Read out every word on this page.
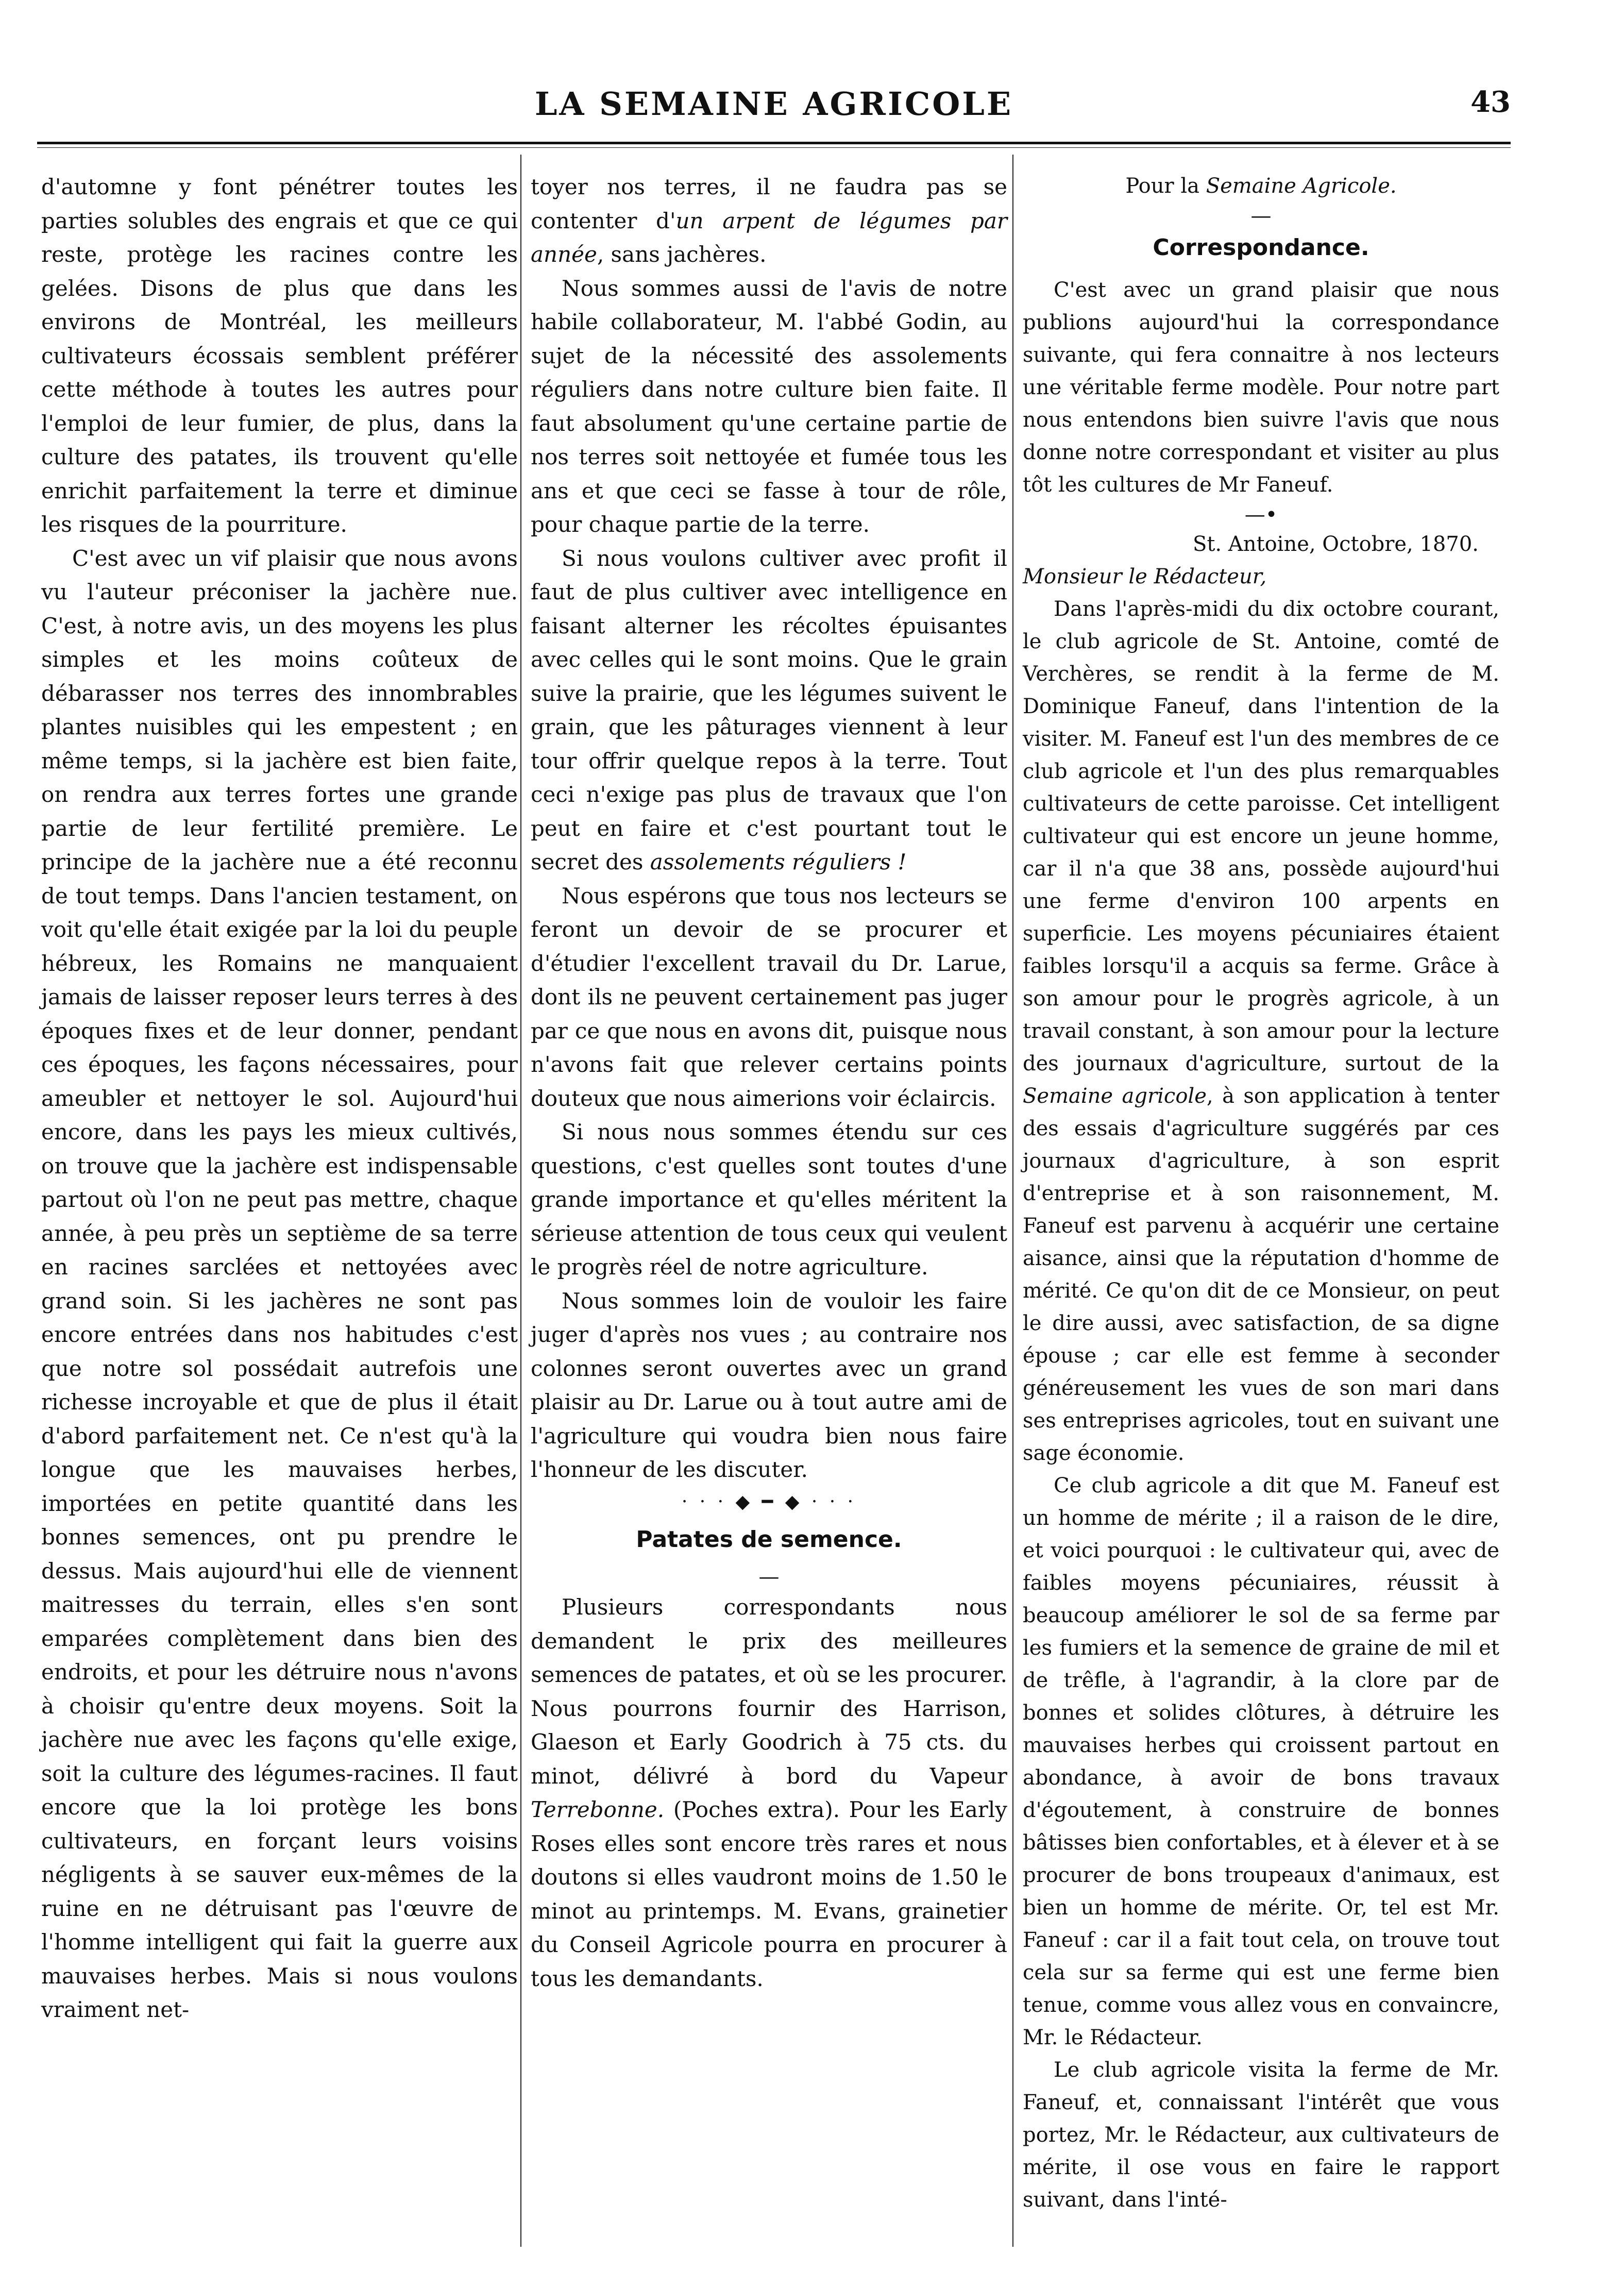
LA SEMAINE AGRICOLE	43

d'automne y font pénétrer toutes les parties solubles des engrais et que ce qui reste, protège les racines contre les gelées. Disons de plus que dans les environs de Montréal, les meilleurs cultivateurs écossais semblent préférer cette méthode à toutes les autres pour l'emploi de leur fumier, de plus, dans la culture des patates, ils trouvent qu'elle enrichit parfaitement la terre et diminue les risques de la pourriture.

C'est avec un vif plaisir que nous avons vu l'auteur préconiser la jachère nue. C'est, à notre avis, un des moyens les plus simples et les moins coûteux de débarasser nos terres des innombrables plantes nuisibles qui les empestent ; en même temps, si la jachère est bien faite, on rendra aux terres fortes une grande partie de leur fertilité première. Le principe de la jachère nue a été reconnu de tout temps. Dans l'ancien testament, on voit qu'elle était exigée par la loi du peuple hébreux, les Romains ne manquaient jamais de laisser reposer leurs terres à des époques fixes et de leur donner, pendant ces époques, les façons nécessaires, pour ameubler et nettoyer le sol. Aujourd'hui encore, dans les pays les mieux cultivés, on trouve que la jachère est indispensable partout où l'on ne peut pas mettre, chaque année, à peu près un septième de sa terre en racines sarclées et nettoyées avec grand soin. Si les jachères ne sont pas encore entrées dans nos habitudes c'est que notre sol possédait autrefois une richesse incroyable et que de plus il était d'abord parfaitement net. Ce n'est qu'à la longue que les mauvaises herbes, importées en petite quantité dans les bonnes semences, ont pu prendre le dessus. Mais aujourd'hui elle de viennent maitresses du terrain, elles s'en sont emparées complètement dans bien des endroits, et pour les détruire nous n'avons à choisir qu'entre deux moyens. Soit la jachère nue avec les façons qu'elle exige, soit la culture des légumes-racines. Il faut encore que la loi protège les bons cultivateurs, en forçant leurs voisins négligents à se sauver eux-mêmes de la ruine en ne détruisant pas l'œuvre de l'homme intelligent qui fait la guerre aux mauvaises herbes. Mais si nous voulons vraiment net-

toyer nos terres, il ne faudra pas se contenter d'un arpent de légumes par année, sans jachères.

Nous sommes aussi de l'avis de notre habile collaborateur, M. l'abbé Godin, au sujet de la nécessité des assolements réguliers dans notre culture bien faite. Il faut absolument qu'une certaine partie de nos terres soit nettoyée et fumée tous les ans et que ceci se fasse à tour de rôle, pour chaque partie de la terre.

Si nous voulons cultiver avec profit il faut de plus cultiver avec intelligence en faisant alterner les récoltes épuisantes avec celles qui le sont moins. Que le grain suive la prairie, que les légumes suivent le grain, que les pâturages viennent à leur tour offrir quelque repos à la terre. Tout ceci n'exige pas plus de travaux que l'on peut en faire et c'est pourtant tout le secret des assolements réguliers !

Nous espérons que tous nos lecteurs se feront un devoir de se procurer et d'étudier l'excellent travail du Dr. Larue, dont ils ne peuvent certainement pas juger par ce que nous en avons dit, puisque nous n'avons fait que relever certains points douteux que nous aimerions voir éclaircis.

Si nous nous sommes étendu sur ces questions, c'est quelles sont toutes d'une grande importance et qu'elles méritent la sérieuse attention de tous ceux qui veulent le progrès réel de notre agriculture.

Nous sommes loin de vouloir les faire juger d'après nos vues ; au contraire nos colonnes seront ouvertes avec un grand plaisir au Dr. Larue ou à tout autre ami de l'agriculture qui voudra bien nous faire l'honneur de les discuter.

· · · ◆ ━ ◆ · · ·
Patates de semence.
—

Plusieurs correspondants nous demandent le prix des meilleures semences de patates, et où se les procurer. Nous pourrons fournir des Harrison, Glaeson et Early Goodrich à 75 cts. du minot, délivré à bord du Vapeur Terrebonne. (Poches extra). Pour les Early Roses elles sont encore très rares et nous doutons si elles vaudront moins de 1.50 le minot au printemps. M. Evans, grainetier du Conseil Agricole pourra en procurer à tous les demandants.

Pour la Semaine Agricole.

—
Correspondance.

C'est avec un grand plaisir que nous publions aujourd'hui la correspondance suivante, qui fera connaitre à nos lecteurs une véritable ferme modèle. Pour notre part nous entendons bien suivre l'avis que nous donne notre correspondant et visiter au plus tôt les cultures de Mr Faneuf.

—•

St. Antoine, Octobre, 1870.

Monsieur le Rédacteur,

Dans l'après-midi du dix octobre courant, le club agricole de St. Antoine, comté de Verchères, se rendit à la ferme de M. Dominique Faneuf, dans l'intention de la visiter. M. Faneuf est l'un des membres de ce club agricole et l'un des plus remarquables cultivateurs de cette paroisse. Cet intelligent cultivateur qui est encore un jeune homme, car il n'a que 38 ans, possède aujourd'hui une ferme d'environ 100 arpents en superficie. Les moyens pécuniaires étaient faibles lorsqu'il a acquis sa ferme. Grâce à son amour pour le progrès agricole, à un travail constant, à son amour pour la lecture des journaux d'agriculture, surtout de la Semaine agricole, à son application à tenter des essais d'agriculture suggérés par ces journaux d'agriculture, à son esprit d'entreprise et à son raisonnement, M. Faneuf est parvenu à acquérir une certaine aisance, ainsi que la réputation d'homme de mérité. Ce qu'on dit de ce Monsieur, on peut le dire aussi, avec satisfaction, de sa digne épouse ; car elle est femme à seconder généreusement les vues de son mari dans ses entreprises agricoles, tout en suivant une sage économie.

Ce club agricole a dit que M. Faneuf est un homme de mérite ; il a raison de le dire, et voici pourquoi : le cultivateur qui, avec de faibles moyens pécuniaires, réussit à beaucoup améliorer le sol de sa ferme par les fumiers et la semence de graine de mil et de trêfle, à l'agrandir, à la clore par de bonnes et solides clôtures, à détruire les mauvaises herbes qui croissent partout en abondance, à avoir de bons travaux d'égoutement, à construire de bonnes bâtisses bien confortables, et à élever et à se procurer de bons troupeaux d'animaux, est bien un homme de mérite. Or, tel est Mr. Faneuf : car il a fait tout cela, on trouve tout cela sur sa ferme qui est une ferme bien tenue, comme vous allez vous en convaincre, Mr. le Rédacteur.

Le club agricole visita la ferme de Mr. Faneuf, et, connaissant l'intérêt que vous portez, Mr. le Rédacteur, aux cultivateurs de mérite, il ose vous en faire le rapport suivant, dans l'inté-
